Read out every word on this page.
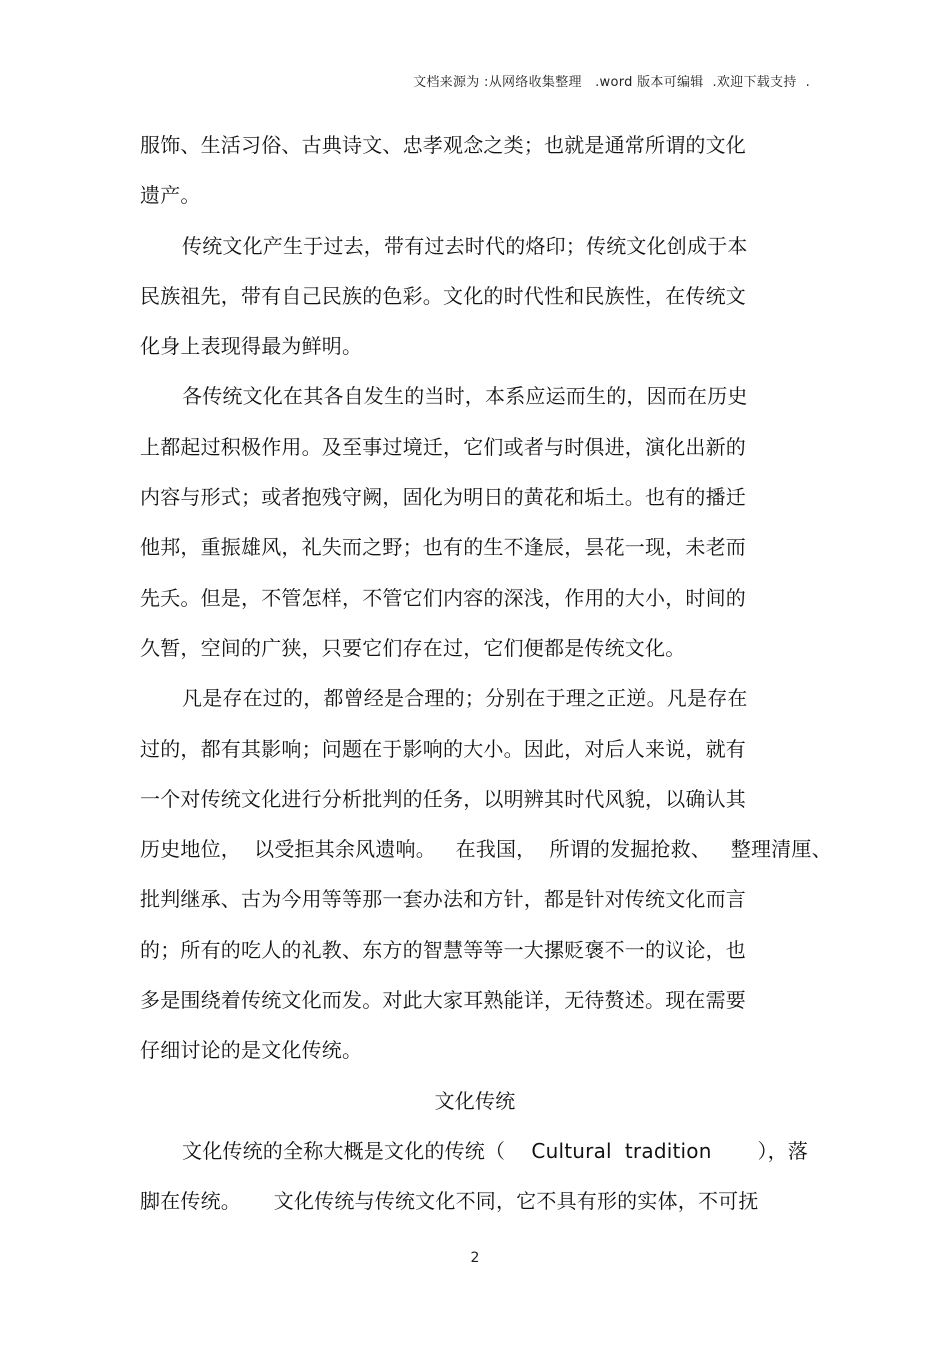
文档来源为 :从网络收集整理   .word 版本可编辑  .欢迎下载支持  .
服饰、生活习俗、古典诗文、忠孝观念之类；也就是通常所谓的文化
遗产。
传统文化产生于过去，带有过去时代的烙印；传统文化创成于本
民族祖先，带有自己民族的色彩。文化的时代性和民族性，在传统文
化身上表现得最为鲜明。
各传统文化在其各自发生的当时，本系应运而生的，因而在历史
上都起过积极作用。及至事过境迁，它们或者与时俱进，演化出新的
内容与形式；或者抱残守阙，固化为明日的黄花和垢土。也有的播迁
他邦，重振雄风，礼失而之野；也有的生不逢辰，昙花一现，未老而
先夭。但是，不管怎样，不管它们内容的深浅，作用的大小，时间的
久暂，空间的广狭，只要它们存在过，它们便都是传统文化。
凡是存在过的，都曾经是合理的；分别在于理之正逆。凡是存在
过的，都有其影响；问题在于影响的大小。因此，对后人来说，就有
一个对传统文化进行分析批判的任务，以明辨其时代风貌，以确认其
历史地位，  以受拒其余风遗响。   在我国，  所谓的发掘抢救、   整理清厘、
批判继承、古为今用等等那一套办法和方针，都是针对传统文化而言
的；所有的吃人的礼教、东方的智慧等等一大摞贬褒不一的议论，也
多是围绕着传统文化而发。对此大家耳熟能详，无待赘述。现在需要
仔细讨论的是文化传统。
文化传统
文化传统的全称大概是文化的传统（    Cultural  tradition       ），落
脚在传统。     文化传统与传统文化不同，它不具有形的实体，不可抚
2
